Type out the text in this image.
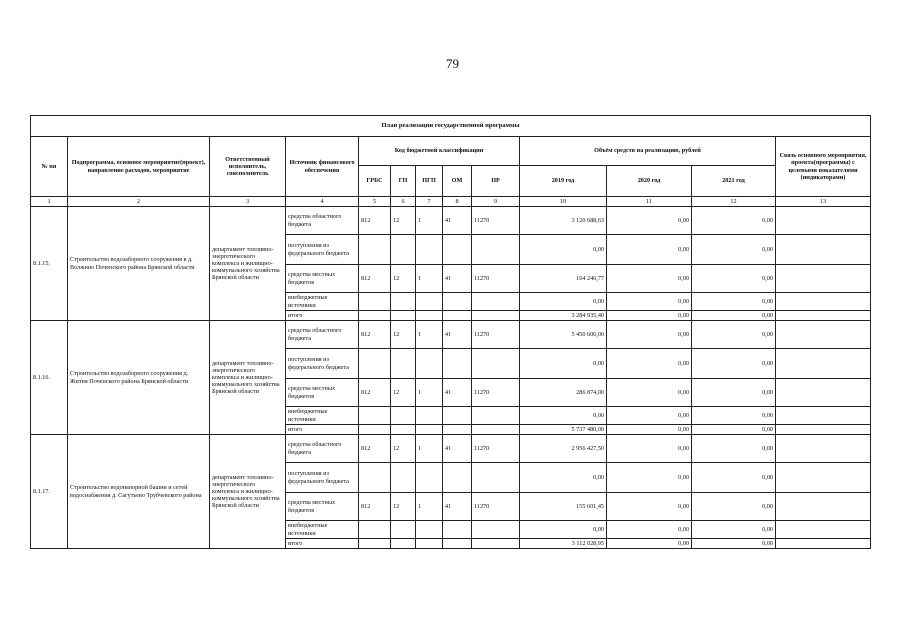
79
План реализации государственной программы												
№ пп	Подпрограмма, основное мероприятие(проект), направление расходов, мероприятие	Ответственный исполнитель, соисполнитель	Источник финансового обеспечения	Код бюджетной классификации					Объём средств на реализацию, рублей			Связь основного мероприятия, проекта(программы) с целевыми показателями (индикаторами)
				ГРБС	ГП	ПГП	ОМ	НР	2019 год	2020 год	2021 год	
1	2	3	4	5	6	7	8	9	10	11	12	13
8.1.15.	Строительство водозаборного сооружения в д. Волжино Почепского района Брянской области	департамент топливно-энергетического комплекса и жилищно-коммунального хозяйства Брянской области	средства областного бюджета	812	12	1	41	11270	3 120 688,63	0,00	0,00	
			поступления из федерального бюджета						0,00	0,00	0,00	
			средства местных бюджетов	812	12	1	41	11270	164 246,77	0,00	0,00	
			внебюджетные источники						0,00	0,00	0,00	
			итого						3 284 935,40	0,00	0,00	
8.1.16.	Строительство водозаборного сооружения д. Житня Почепского района Брянской области	департамент топливно-энергетического комплекса и жилищно-коммунального хозяйства Брянской области	средства областного бюджета	812	12	1	41	11270	5 450 606,00	0,00	0,00	
			поступления из федерального бюджета						0,00	0,00	0,00	
			средства местных бюджетов	812	12	1	41	11270	286 874,00	0,00	0,00	
			внебюджетные источники						0,00	0,00	0,00	
			итого						5 737 480,00	0,00	0,00	
8.1.17.	Строительство водонапорной башни и сетей водоснабжения д. Сагутьево Трубчевского района	департамент топливно-энергетического комплекса и жилищно-коммунального хозяйства Брянской области	средства областного бюджета	812	12	1	41	11270	2 956 427,50	0,00	0,00	
			поступления из федерального бюджета						0,00	0,00	0,00	
			средства местных бюджетов	812	12	1	41	11270	155 601,45	0,00	0,00	
			внебюджетные источники						0,00	0,00	0,00	
			итого						3 112 028,95	0,00	0,00	
